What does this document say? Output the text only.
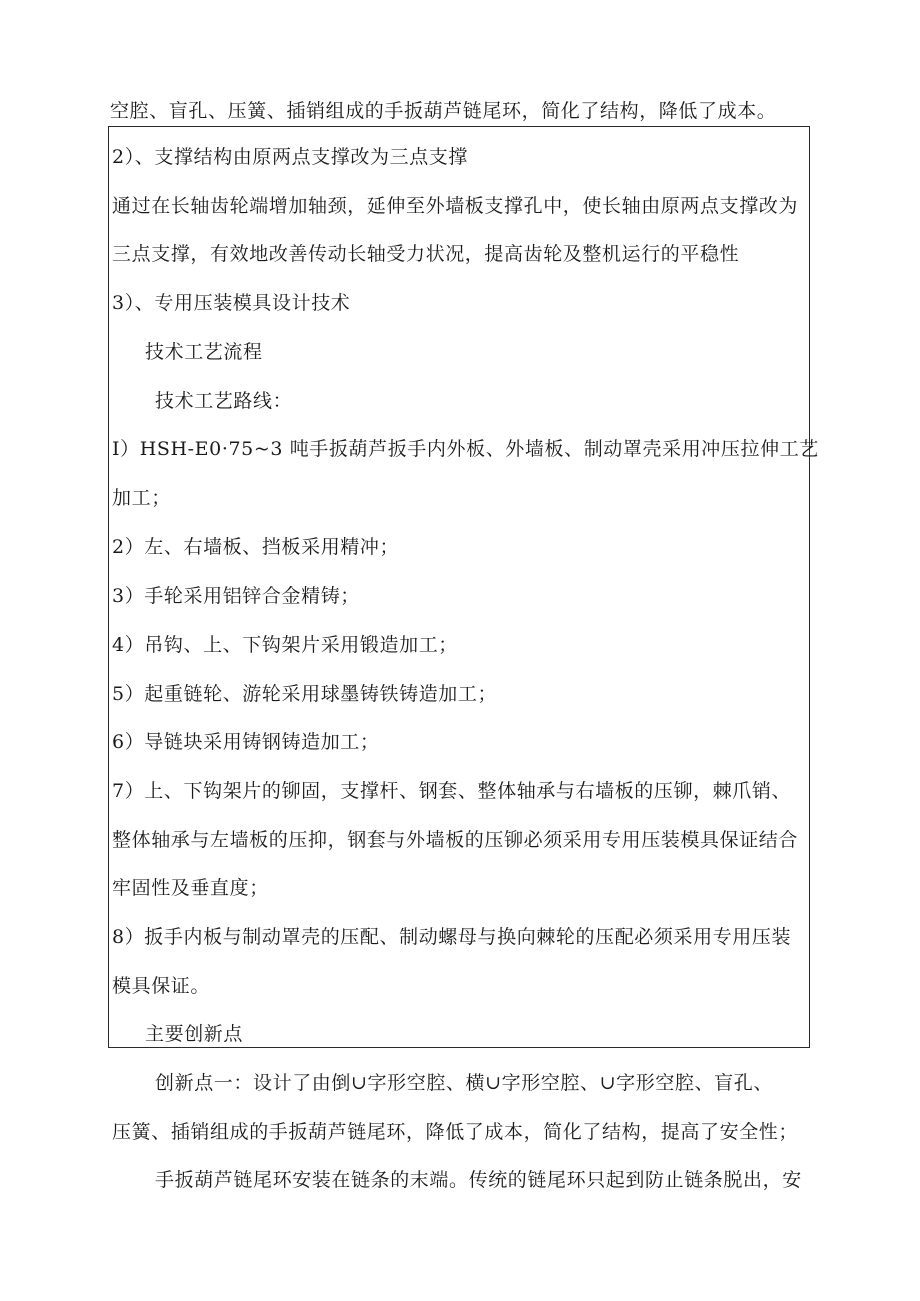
空腔、盲孔、压簧、插销组成的手扳葫芦链尾环，简化了结构，降低了成本。
2）、支撑结构由原两点支撑改为三点支撑
通过在长轴齿轮端增加轴颈，延伸至外墙板支撑孔中，使长轴由原两点支撑改为
三点支撑，有效地改善传动长轴受力状况，提高齿轮及整机运行的平稳性
3）、专用压装模具设计技术
技术工艺流程
技术工艺路线：
I）HSH-E0·75~3 吨手扳葫芦扳手内外板、外墙板、制动罩壳采用冲压拉伸工艺
加工；
2）左、右墙板、挡板采用精冲；
3）手轮采用铝锌合金精铸；
4）吊钩、上、下钩架片采用锻造加工；
5）起重链轮、游轮采用球墨铸铁铸造加工；
6）导链块采用铸钢铸造加工；
7）上、下钩架片的铆固，支撑杆、钢套、整体轴承与右墙板的压铆，棘爪销、
整体轴承与左墙板的压抑，钢套与外墙板的压铆必须采用专用压装模具保证结合
牢固性及垂直度；
8）扳手内板与制动罩壳的压配、制动螺母与换向棘轮的压配必须采用专用压装
模具保证。
主要创新点
创新点一：设计了由倒∪字形空腔、横∪字形空腔、∪字形空腔、盲孔、
压簧、插销组成的手扳葫芦链尾环，降低了成本，简化了结构，提高了安全性；
手扳葫芦链尾环安装在链条的末端。传统的链尾环只起到防止链条脱出，安
